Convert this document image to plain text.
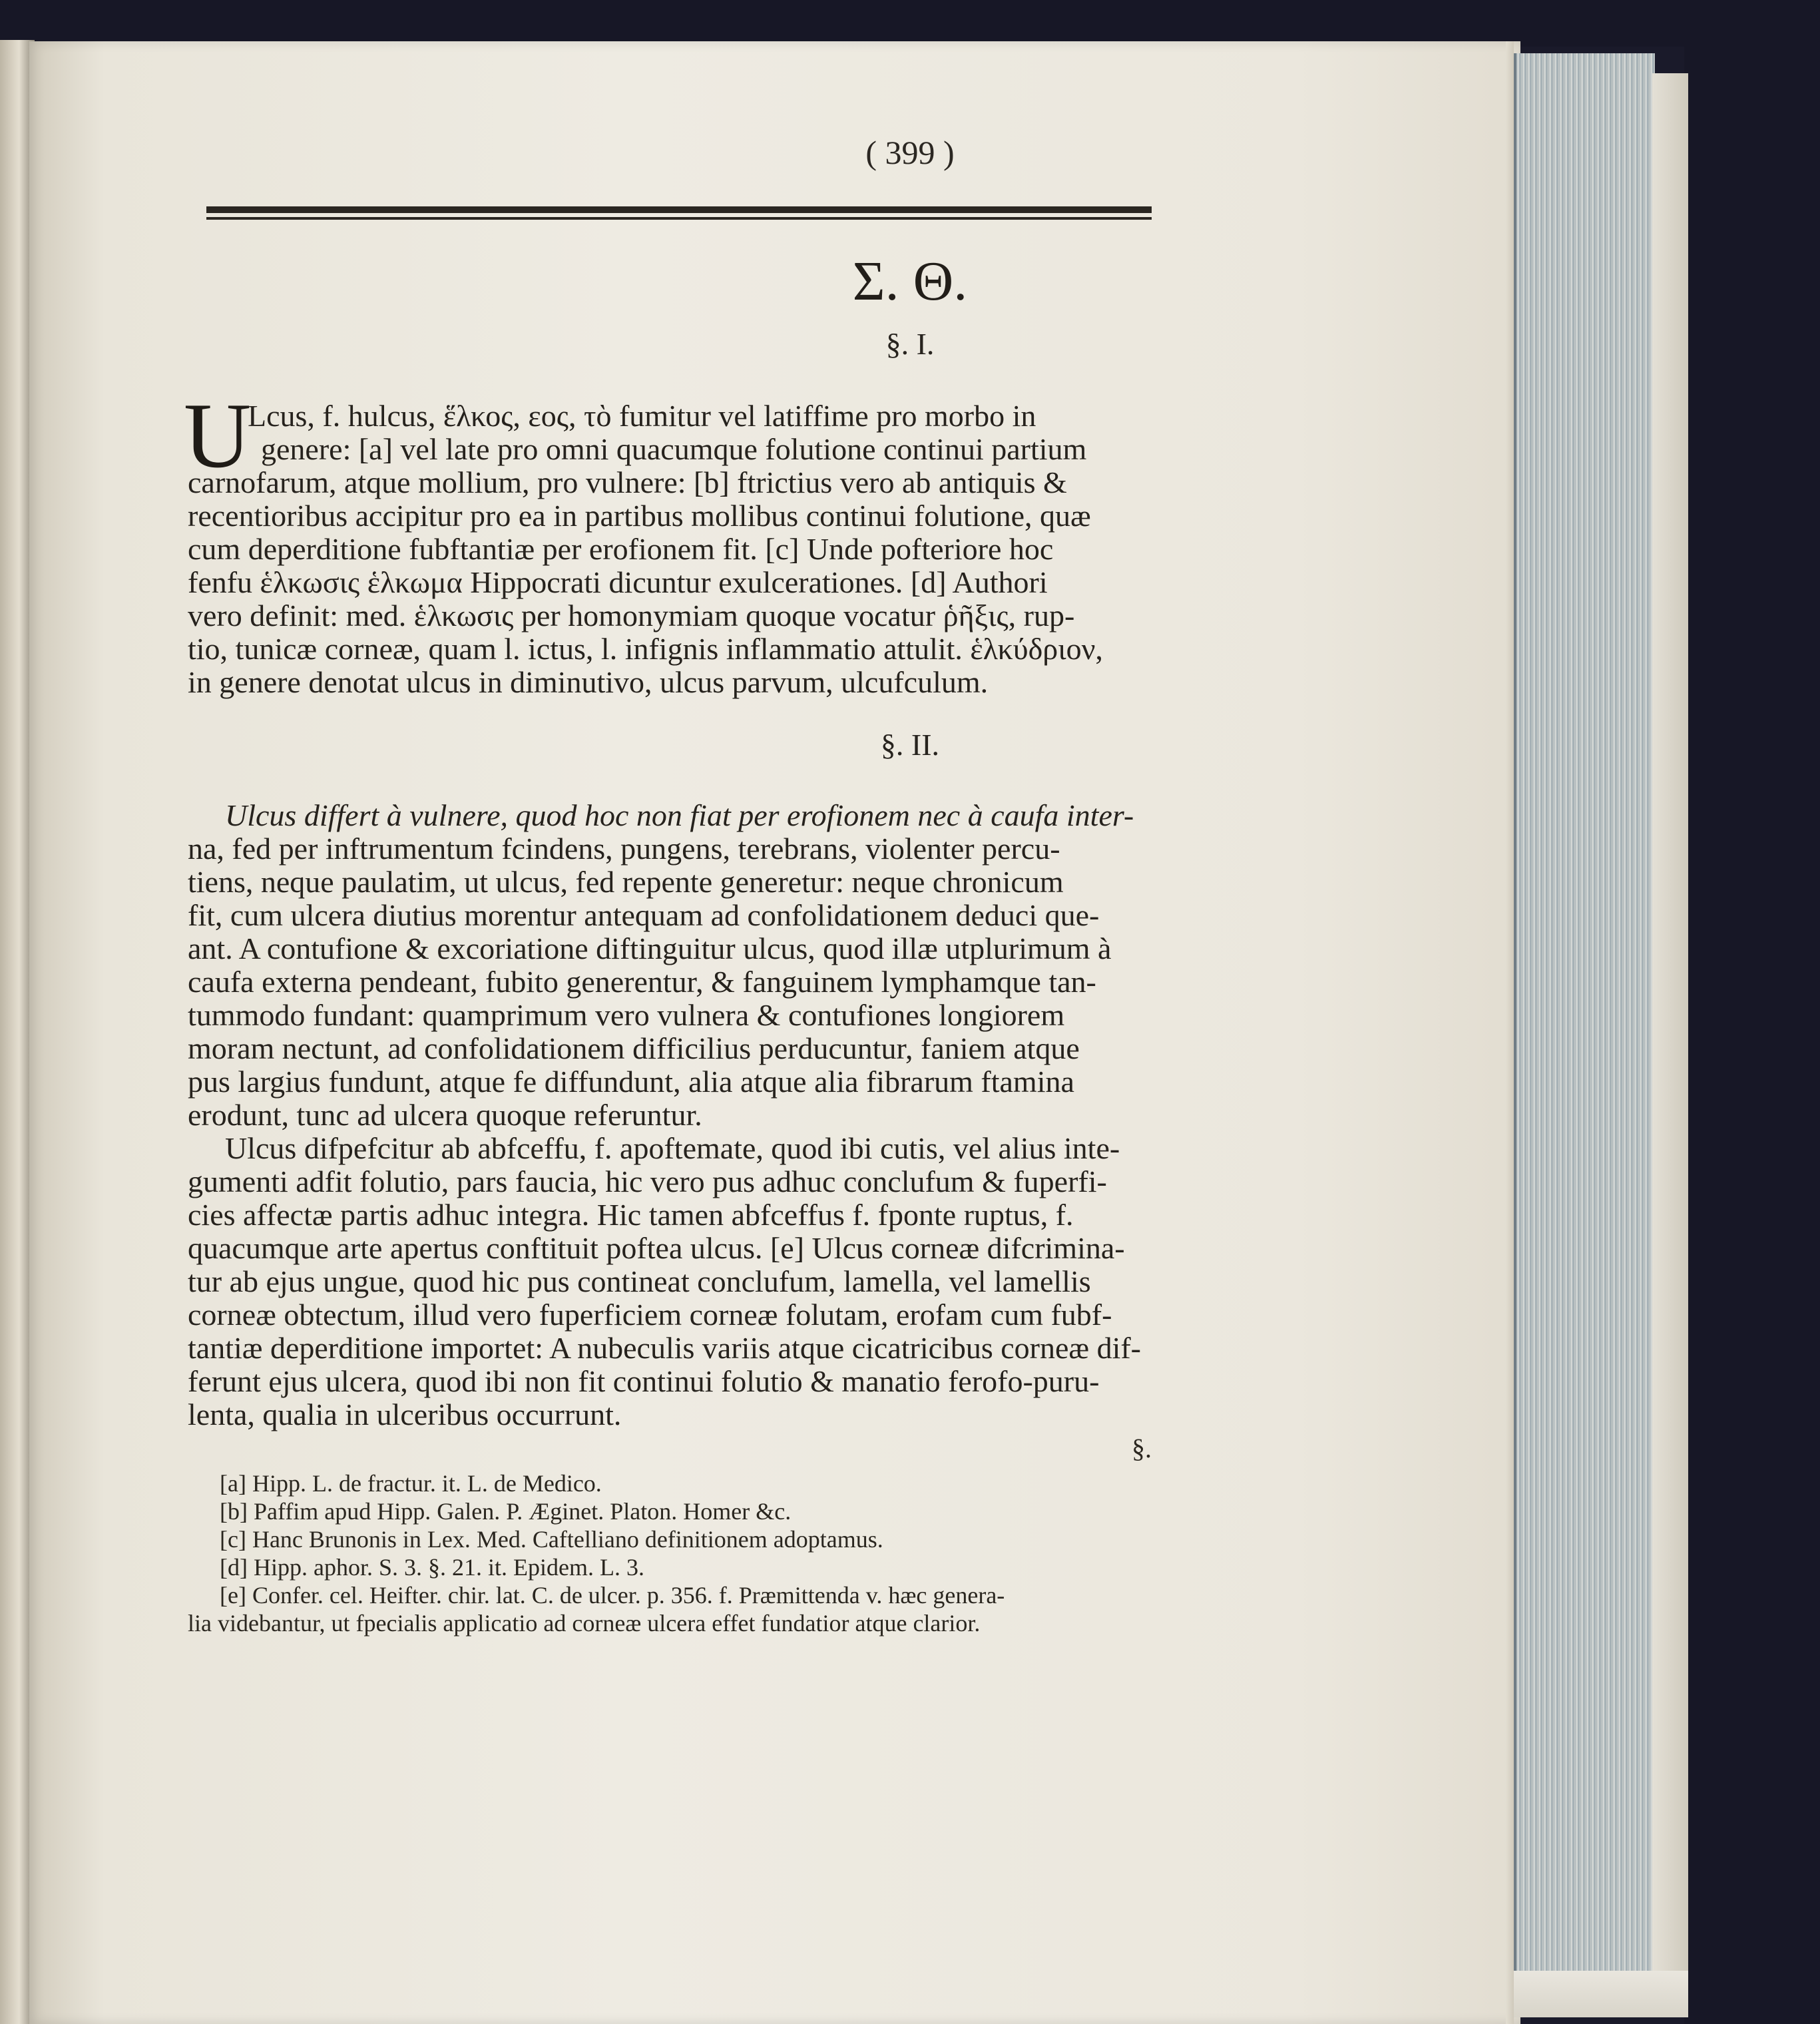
( 399 )
Σ. Θ.
§. I.
U
Lcus, f. hulcus, ἕλκος, εος, τὸ fumitur vel latiffime pro morbo in
genere: [a] vel late pro omni quacumque folutione continui partium
carnofarum, atque mollium, pro vulnere: [b] ftrictius vero ab antiquis &
recentioribus accipitur pro ea in partibus mollibus continui folutione, quæ
cum deperditione fubftantiæ per erofionem fit. [c] Unde pofteriore hoc
fenfu ἑλκωσις ἑλκωμα Hippocrati dicuntur exulcerationes. [d] Authori
vero definit: med. ἑλκωσις per homonymiam quoque vocatur ῥῆξις, rup-
tio, tunicæ corneæ, quam l. ictus, l. infignis inflammatio attulit. ἑλκύδριον,
in genere denotat ulcus in diminutivo, ulcus parvum, ulcufculum.
§. II.
Ulcus differt à vulnere, quod hoc non fiat per erofionem nec à caufa inter-
na, fed per inftrumentum fcindens, pungens, terebrans, violenter percu-
tiens, neque paulatim, ut ulcus, fed repente generetur: neque chronicum
fit, cum ulcera diutius morentur antequam ad confolidationem deduci que-
ant. A contufione & excoriatione diftinguitur ulcus, quod illæ utplurimum à
caufa externa pendeant, fubito generentur, & fanguinem lymphamque tan-
tummodo fundant: quamprimum vero vulnera & contufiones longiorem
moram nectunt, ad confolidationem difficilius perducuntur, faniem atque
pus largius fundunt, atque fe diffundunt, alia atque alia fibrarum ftamina
erodunt, tunc ad ulcera quoque referuntur.
Ulcus difpefcitur ab abfceffu, f. apoftemate, quod ibi cutis, vel alius inte-
gumenti adfit folutio, pars faucia, hic vero pus adhuc conclufum & fuperfi-
cies affectæ partis adhuc integra. Hic tamen abfceffus f. fponte ruptus, f.
quacumque arte apertus conftituit poftea ulcus. [e] Ulcus corneæ difcrimina-
tur ab ejus ungue, quod hic pus contineat conclufum, lamella, vel lamellis
corneæ obtectum, illud vero fuperficiem corneæ folutam, erofam cum fubf-
tantiæ deperditione importet: A nubeculis variis atque cicatricibus corneæ dif-
ferunt ejus ulcera, quod ibi non fit continui folutio & manatio ferofo-puru-
lenta, qualia in ulceribus occurrunt.
§.
[a] Hipp. L. de fractur. it. L. de Medico.
[b] Paffim apud Hipp. Galen. P. Æginet. Platon. Homer &c.
[c] Hanc Brunonis in Lex. Med. Caftelliano definitionem adoptamus.
[d] Hipp. aphor. S. 3. §. 21. it. Epidem. L. 3.
[e] Confer. cel. Heifter. chir. lat. C. de ulcer. p. 356. f. Præmittenda v. hæc genera-
lia videbantur, ut fpecialis applicatio ad corneæ ulcera effet fundatior atque clarior.
